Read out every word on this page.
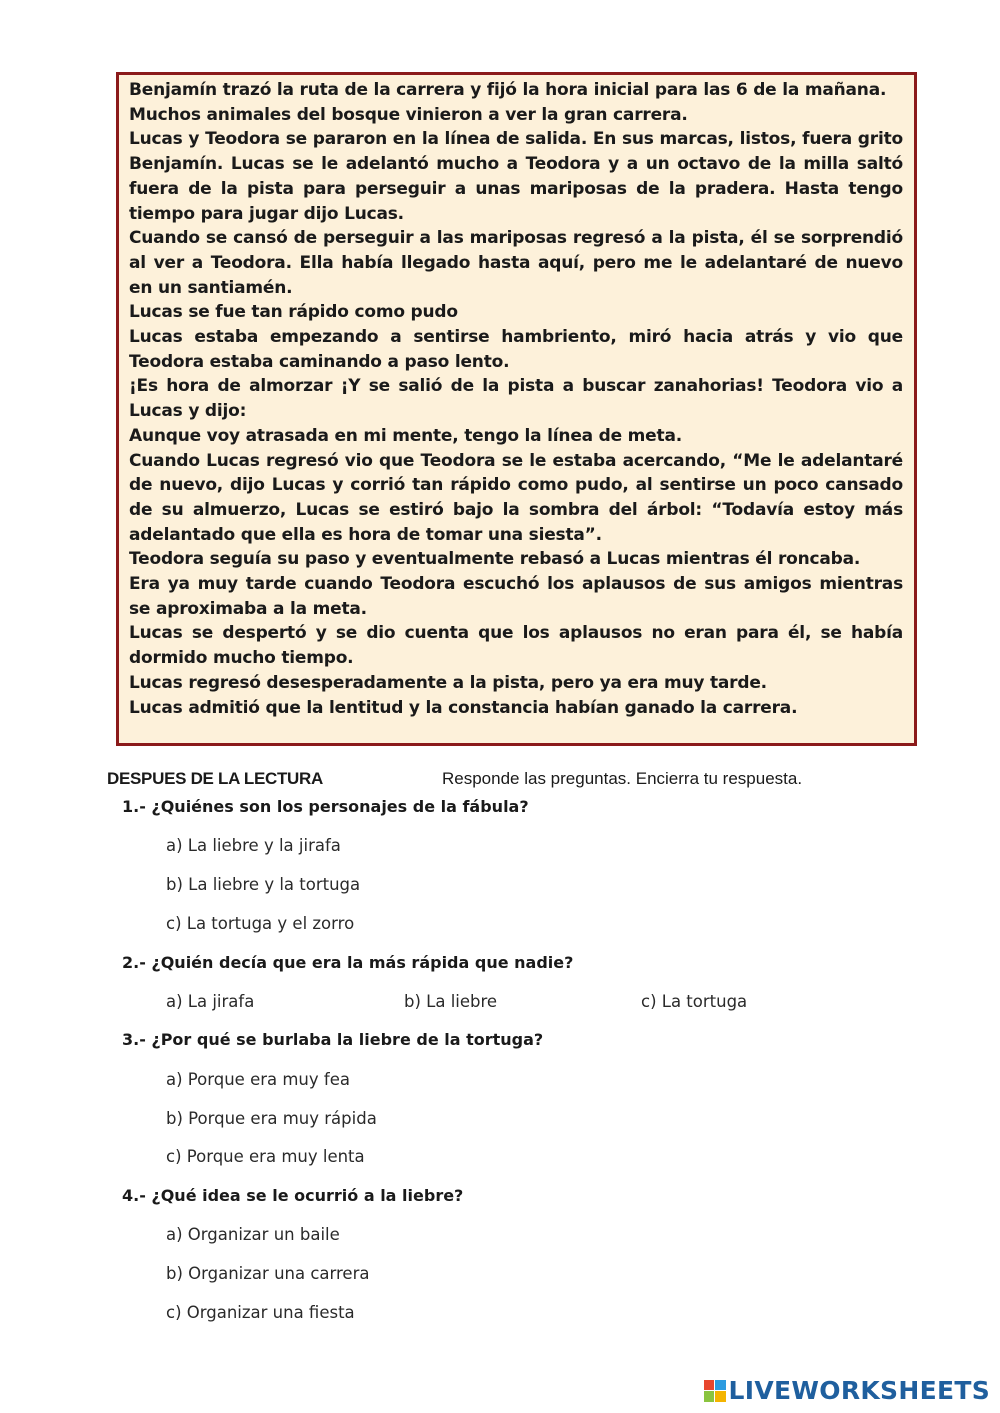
Benjamín trazó la ruta de la carrera y fijó la hora inicial para las 6 de la mañana.

Muchos animales del bosque vinieron a ver la gran carrera.

Lucas y Teodora se pararon en la línea de salida. En sus marcas, listos, fuera grito Benjamín. Lucas se le adelantó mucho a Teodora y a un octavo de la milla saltó fuera de la pista para perseguir a unas mariposas de la pradera. Hasta tengo tiempo para jugar dijo Lucas.

Cuando se cansó de perseguir a las mariposas regresó a la pista, él se sorprendió al ver a Teodora. Ella había llegado hasta aquí, pero me le adelantaré de nuevo en un santiamén.

Lucas se fue tan rápido como pudo

Lucas estaba empezando a sentirse hambriento, miró hacia atrás y vio que Teodora estaba caminando a paso lento.

¡Es hora de almorzar ¡Y se salió de la pista a buscar zanahorias! Teodora vio a Lucas y dijo:

Aunque voy atrasada en mi mente, tengo la línea de meta.

Cuando Lucas regresó vio que Teodora se le estaba acercando, “Me le adelantaré de nuevo, dijo Lucas y corrió tan rápido como pudo, al sentirse un poco cansado de su almuerzo, Lucas se estiró bajo la sombra del árbol: “Todavía estoy más adelantado que ella es hora de tomar una siesta”.

Teodora seguía su paso y eventualmente rebasó a Lucas mientras él roncaba.

Era ya muy tarde cuando Teodora escuchó los aplausos de sus amigos mientras se aproximaba a la meta.

Lucas se despertó y se dio cuenta que los aplausos no eran para él, se había dormido mucho tiempo.

Lucas regresó desesperadamente a la pista, pero ya era muy tarde.

Lucas admitió que la lentitud y la constancia habían ganado la carrera.

DESPUES DE LA LECTURA	Responde las preguntas. Encierra tu respuesta.
1.- ¿Quiénes son los personajes de la fábula?
a) La liebre y la jirafa
b) La liebre y la tortuga
c) La tortuga y el zorro
2.- ¿Quién decía que era la más rápida que nadie?
a) La jirafa	b) La liebre	c) La tortuga
3.- ¿Por qué se burlaba la liebre de la tortuga?
a) Porque era muy fea
b) Porque era muy rápida
c) Porque era muy lenta
4.- ¿Qué idea se le ocurrió a la liebre?
a) Organizar un baile
b) Organizar una carrera
c) Organizar una fiesta
LIVEWORKSHEETS
